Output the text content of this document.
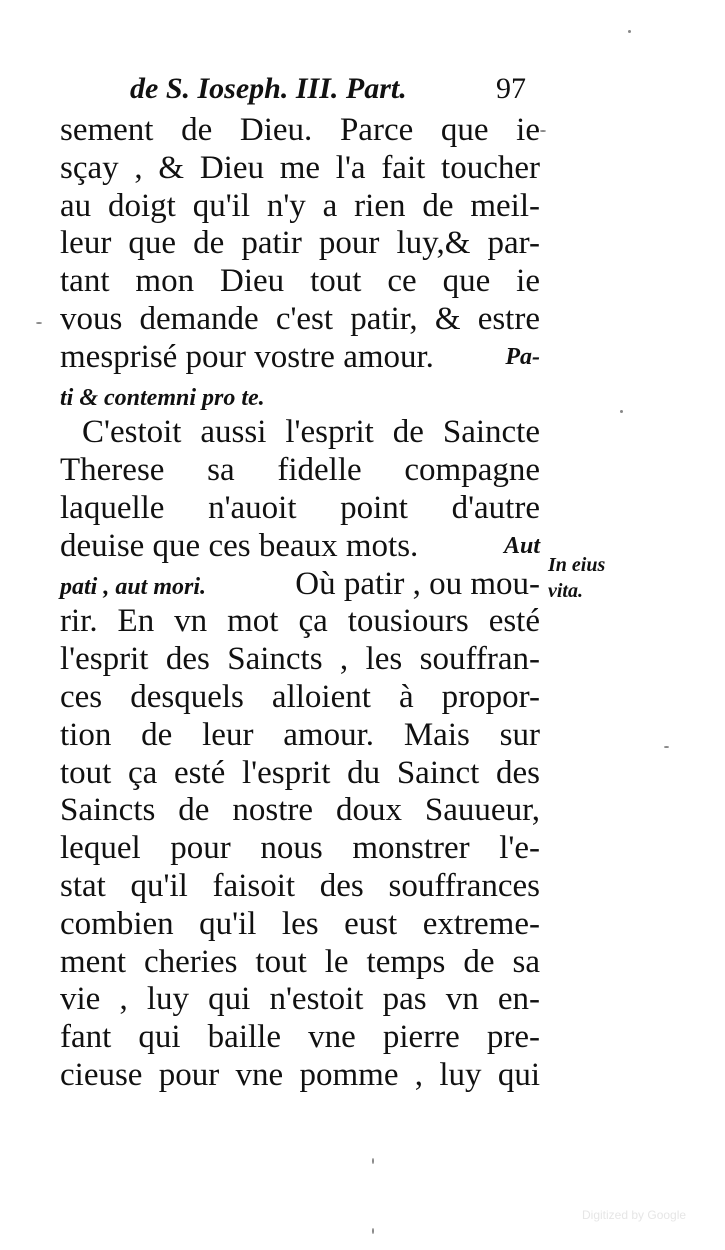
de S. Ioseph. III. Part.	97
sement de Dieu. Parce que ie
sçay , & Dieu me l'a fait toucher
au doigt qu'il n'y a rien de meil-
leur que de patir pour luy,& par-
tant mon Dieu tout ce que ie
vous demande c'est patir, & estre
mesprisé pour vostre amour.	Pa-
ti & contemni pro te.
C'estoit aussi l'esprit de Saincte
Therese sa fidelle compagne
laquelle n'auoit point d'autre
deuise que ces beaux mots.	Aut
pati , aut mori.	Où patir , ou mou-
rir. En vn mot ça tousiours esté
l'esprit des Saincts , les souffran-
ces desquels alloient à propor-
tion de leur amour. Mais sur
tout ça esté l'esprit du Sainct des
Saincts de nostre doux Sauueur,
lequel pour nous monstrer l'e-
stat qu'il faisoit des souffrances
combien qu'il les eust extreme-
ment cheries tout le temps de sa
vie , luy qui n'estoit pas vn en-
fant qui baille vne pierre pre-
cieuse pour vne pomme , luy qui
In eius
vita.
Digitized by Google
